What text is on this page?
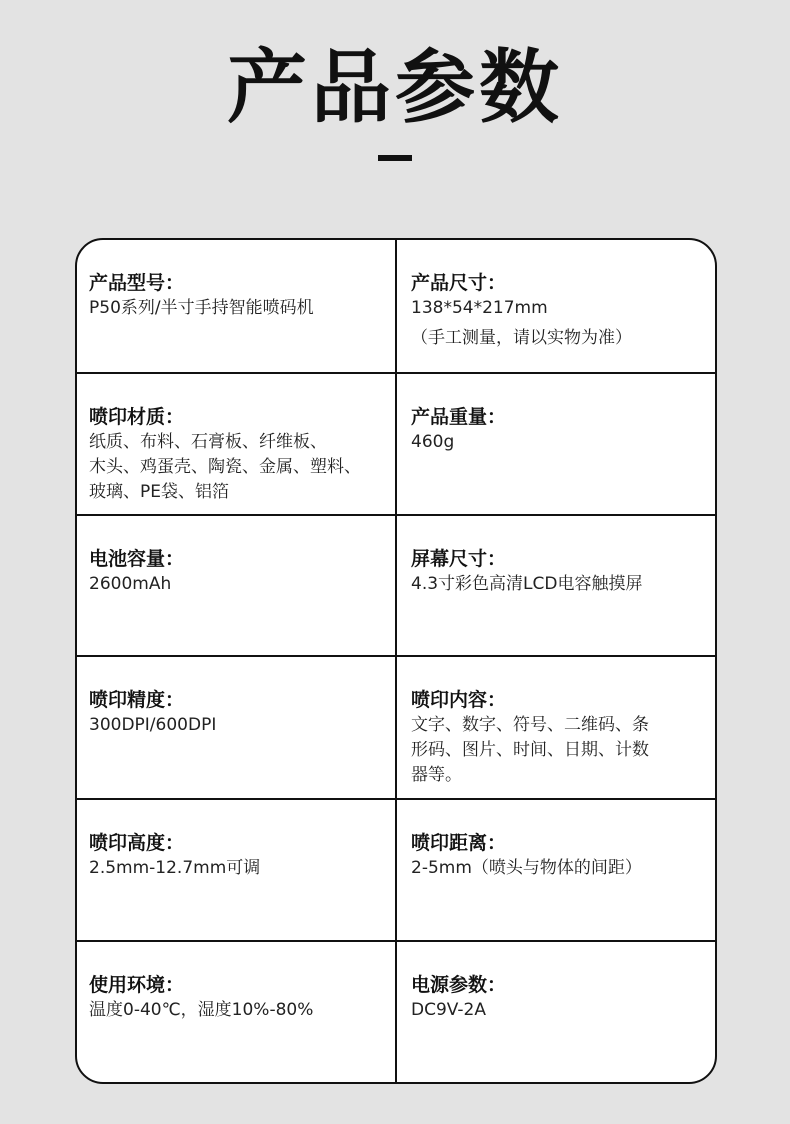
产品参数
产品型号：
P50系列/半寸手持智能喷码机
产品尺寸：
138*54*217mm
（手工测量，请以实物为准）
喷印材质：
纸质、布料、石膏板、纤维板、
木头、鸡蛋壳、陶瓷、金属、塑料、
玻璃、PE袋、铝箔
产品重量：
460g
电池容量：
2600mAh
屏幕尺寸：
4.3寸彩色高清LCD电容触摸屏
喷印精度：
300DPI/600DPI
喷印内容：
文字、数字、符号、二维码、条
形码、图片、时间、日期、计数
器等。
喷印高度：
2.5mm-12.7mm可调
喷印距离：
2-5mm（喷头与物体的间距）
使用环境：
温度0-40℃，湿度10%-80%
电源参数：
DC9V-2A
